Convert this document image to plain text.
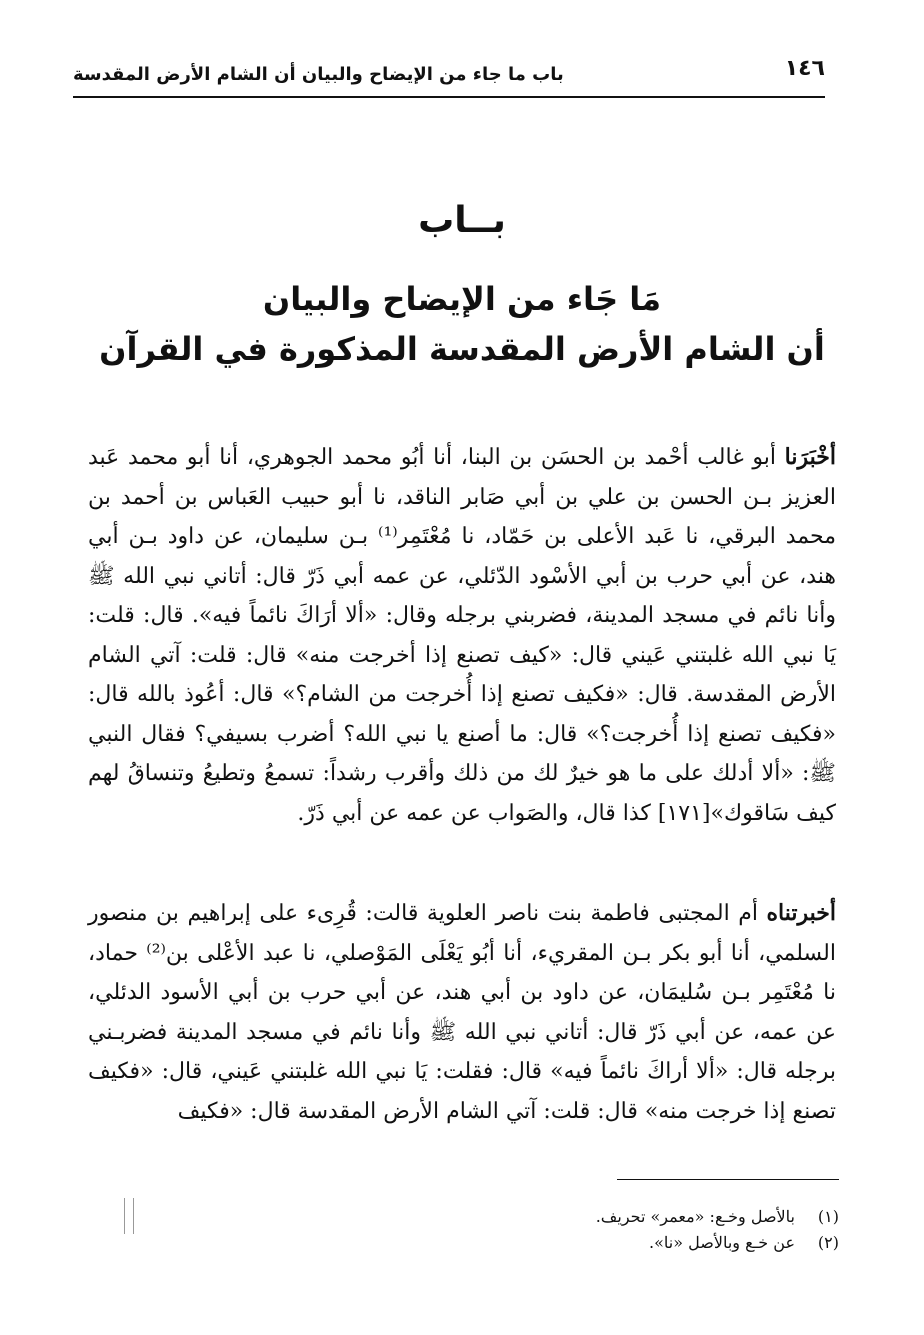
١٤٦
باب ما جاء من الإيضاح والبيان أن الشام الأرض المقدسة
بــاب
مَا جَاء من الإيضاح والبيان
أن الشام الأرض المقدسة المذكورة في القرآن
أخْبَرَنا أبو غالب أحْمد بن الحسَن بن البنا، أنا أبُو محمد الجوهري، أنا أبو محمد عَبد العزيز بـن الحسن بن علي بن أبي صَابر الناقد، نا أبو حبيب العَباس بن أحمد بن محمد البرقي، نا عَبد الأعلى بن حَمّاد، نا مُعْتَمِر⁽¹⁾ بـن سليمان، عن داود بـن أبي هند، عن أبي حرب بن أبي الأسْود الدّئلي، عن عمه أبي ذَرّ قال: أتاني نبي الله ﷺ وأنا نائم في مسجد المدينة، فضربني برجله وقال: «ألا أرَاكَ نائماً فيه». قال: قلت: يَا نبي الله غلبتني عَيني قال: «كيف تصنع إذا أخرجت منه» قال: قلت: آتي الشام الأرض المقدسة. قال: «فكيف تصنع إذا أُخرجت من الشام؟» قال: أعُوذ بالله قال: «فكيف تصنع إذا أُخرجت؟» قال: ما أصنع يا نبي الله؟ أضرب بسيفي؟ فقال النبي ﷺ: «ألا أدلك على ما هو خيرٌ لك من ذلك وأقرب رشداً: تسمعُ وتطيعُ وتنساقُ لهم كيف سَاقوك»[١٧١] كذا قال، والصَواب عن عمه عن أبي ذَرّ.
أخبرتناه أم المجتبى فاطمة بنت ناصر العلوية قالت: قُرِىء على إبراهيم بن منصور السلمي، أنا أبو بكر بـن المقريء، أنا أبُو يَعْلَى المَوْصلي، نا عبد الأعْلى بن⁽²⁾ حماد، نا مُعْتَمِر بـن سُليمَان، عن داود بن أبي هند، عن أبي حرب بن أبي الأسود الدئلي، عن عمه، عن أبي ذَرّ قال: أتاني نبي الله ﷺ وأنا نائم في مسجد المدينة فضربـني برجله قال: «ألا أراكَ نائماً فيه» قال: فقلت: يَا نبي الله غلبتني عَيني، قال: «فكيف تصنع إذا خرجت منه» قال: قلت: آتي الشام الأرض المقدسة قال: «فكيف
(١)
بالأصل وخـع: «معمر» تحريف.
(٢)
عن خـع وبالأصل «نا».
